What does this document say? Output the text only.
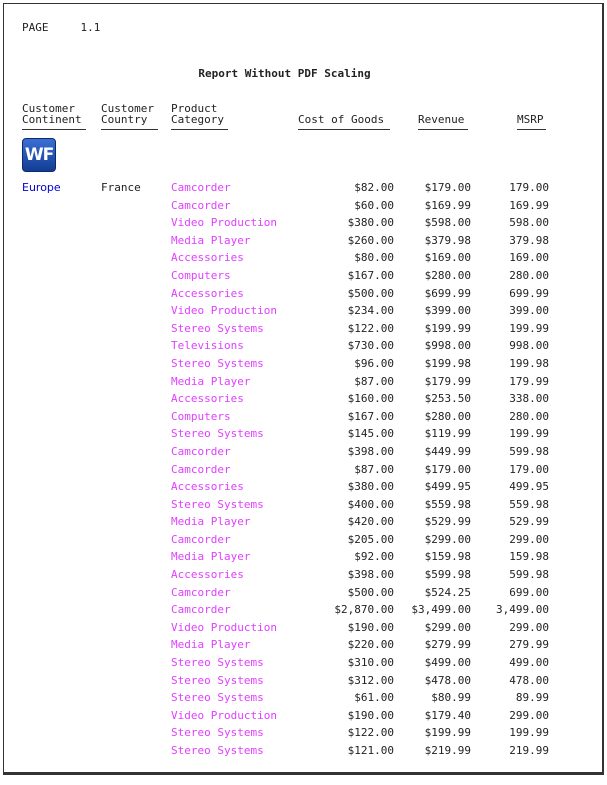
PAGE	1.1
Report Without PDF Scaling
Customer
Continent
Customer
Country
Product
Category	Cost of Goods	Revenue	MSRP
WF
Europe	France	Camcorder	$82.00	$179.00	179.00
Camcorder	$60.00	$169.99	169.99
Video Production	$380.00	$598.00	598.00
Media Player	$260.00	$379.98	379.98
Accessories	$80.00	$169.00	169.00
Computers	$167.00	$280.00	280.00
Accessories	$500.00	$699.99	699.99
Video Production	$234.00	$399.00	399.00
Stereo Systems	$122.00	$199.99	199.99
Televisions	$730.00	$998.00	998.00
Stereo Systems	$96.00	$199.98	199.98
Media Player	$87.00	$179.99	179.99
Accessories	$160.00	$253.50	338.00
Computers	$167.00	$280.00	280.00
Stereo Systems	$145.00	$119.99	199.99
Camcorder	$398.00	$449.99	599.98
Camcorder	$87.00	$179.00	179.00
Accessories	$380.00	$499.95	499.95
Stereo Systems	$400.00	$559.98	559.98
Media Player	$420.00	$529.99	529.99
Camcorder	$205.00	$299.00	299.00
Media Player	$92.00	$159.98	159.98
Accessories	$398.00	$599.98	599.98
Camcorder	$500.00	$524.25	699.00
Camcorder	$2,870.00 $3,499.00 3,499.00
Video Production	$190.00	$299.00	299.00
Media Player	$220.00	$279.99	279.99
Stereo Systems	$310.00	$499.00	499.00
Stereo Systems	$312.00	$478.00	478.00
Stereo Systems	$61.00	$80.99	89.99
Video Production	$190.00	$179.40	299.00
Stereo Systems	$122.00	$199.99	199.99
Stereo Systems	$121.00	$219.99	219.99
